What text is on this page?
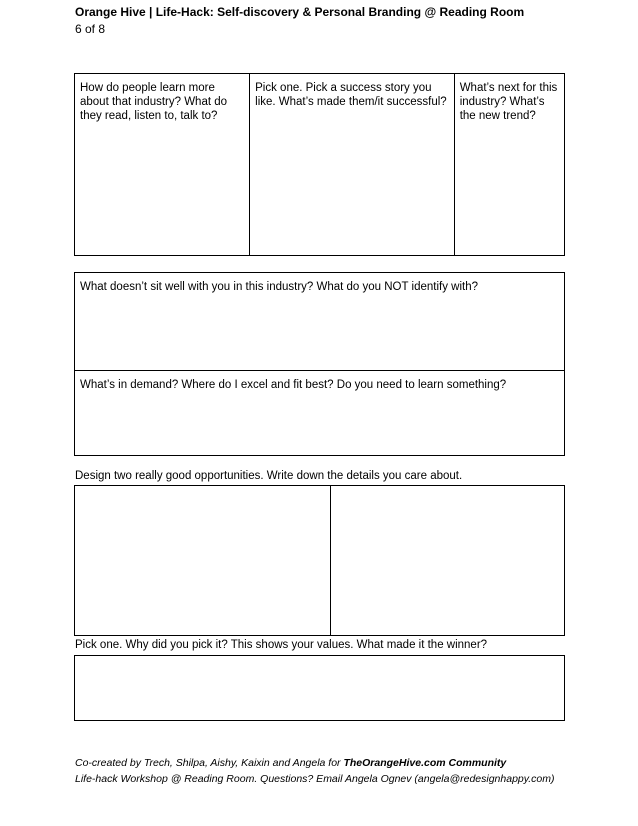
Orange Hive | Life-Hack: Self-discovery & Personal Branding @ Reading Room
6 of 8
How do people learn more about that industry? What do they read, listen to, talk to?	Pick one. Pick a success story you like. What’s made them/it successful?	What’s next for this industry? What’s the new trend?
What doesn’t sit well with you in this industry? What do you NOT identify with?
What’s in demand? Where do I excel and fit best? Do you need to learn something?
Design two really good opportunities. Write down the details you care about.

Pick one. Why did you pick it? This shows your values. What made it the winner?
Co-created by Trech, Shilpa, Aishy, Kaixin and Angela for TheOrangeHive.com Community
Life-hack Workshop @ Reading Room. Questions? Email Angela Ognev (angela@redesignhappy.com)
